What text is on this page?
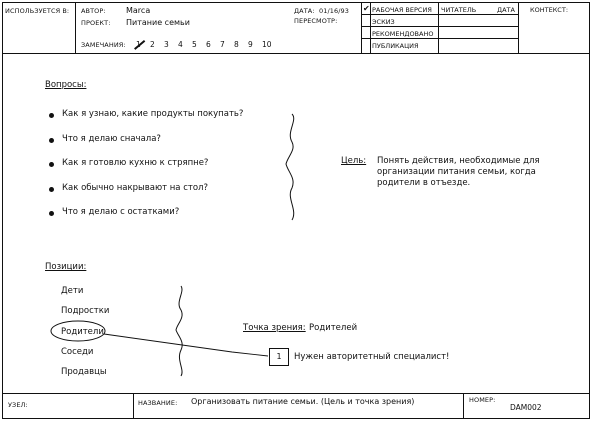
ИСПОЛЬЗУЕТСЯ В: АВТОР:	Marca
ПРОЕКТ: Питание семьи
ЗАМЕЧАНИЯ:	2 3 4 5 6 7 8 9 10
ДАТА: 01/16/93
ПЕРЕСМОТР:
✔ РАБОЧАЯ ВЕРСИЯ
ЭСКИЗ
РЕКОМЕНДОВАНО
ПУБЛИКАЦИЯ
ЧИТАТЕЛЬ	ДАТА КОНТЕКСТ:
Вопросы:
Как я узнаю, какие продукты покупать?
Что я делаю сначала?
Как я готовлю кухню к стряпне?
Как обычно накрывают на стол?
Что я делаю с остатками?
Цель: Понять действия, необходимые для
организации питания семьи, когда
родители в отъезде.
Позиции:
Дети
Подростки
Родители
Соседи
Продавцы
Точка зрения: Родителей
1	Нужен авторитетный специалист!
УЗЕЛ:	НАЗВАНИЕ: Организовать питание семьи. (Цель и точка зрения)	НОМЕР:
DAM002
